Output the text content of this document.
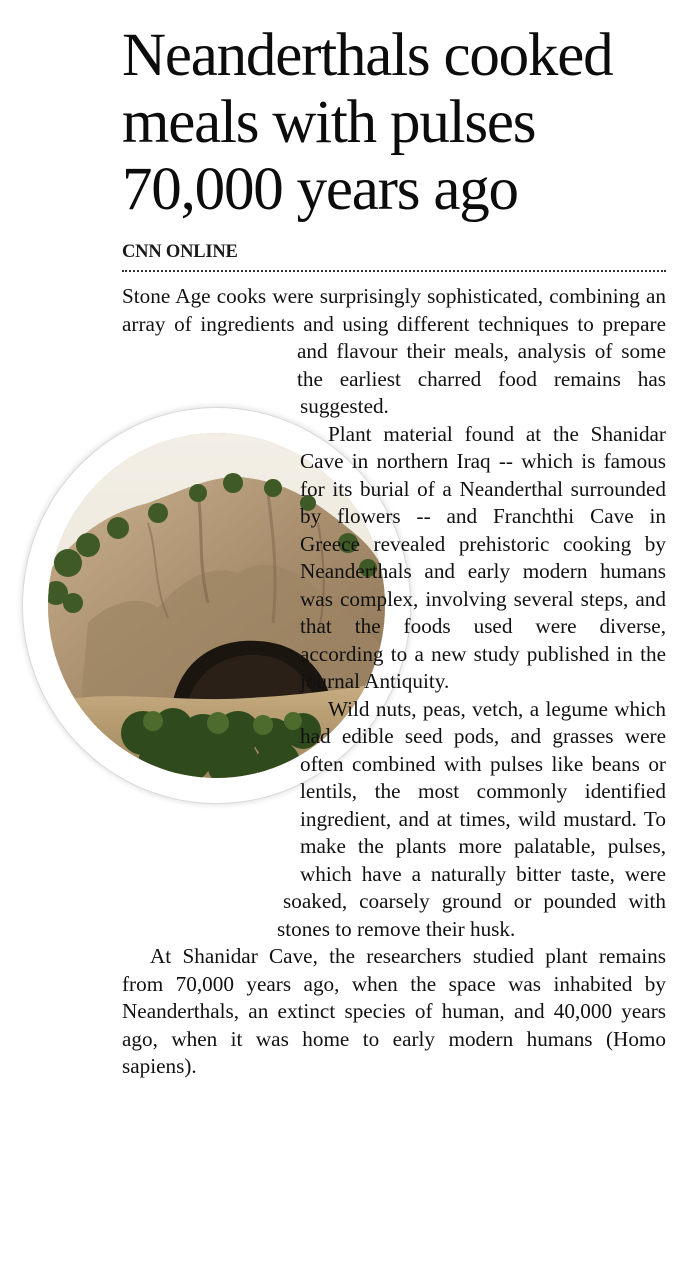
Neanderthals cooked
meals with pulses
70,000 years ago
CNN ONLINE

Stone Age cooks were surprisingly sophisticated, combining an array of ingredients and using different techniques to prepare and flavour their meals, analysis of some the earliest charred food remains has suggested.

Plant material found at the Shanidar Cave in northern Iraq -- which is famous for its burial of a Neanderthal surrounded by flowers -- and Franchthi Cave in Greece revealed prehistoric cooking by Neanderthals and early modern humans was complex, involving several steps, and that the foods used were diverse, according to a new study published in the journal Antiquity.

Wild nuts, peas, vetch, a legume which had edible seed pods, and grasses were often combined with pulses like beans or lentils, the most commonly identified ingredient, and at times, wild mustard. To make the plants more palatable, pulses, which have a naturally bitter taste, were soaked, coarsely ground or pounded with stones to remove their husk.

At Shanidar Cave, the researchers studied plant remains from 70,000 years ago, when the space was inhabited by Neanderthals, an extinct species of human, and 40,000 years ago, when it was home to early modern humans (Homo sapiens).
